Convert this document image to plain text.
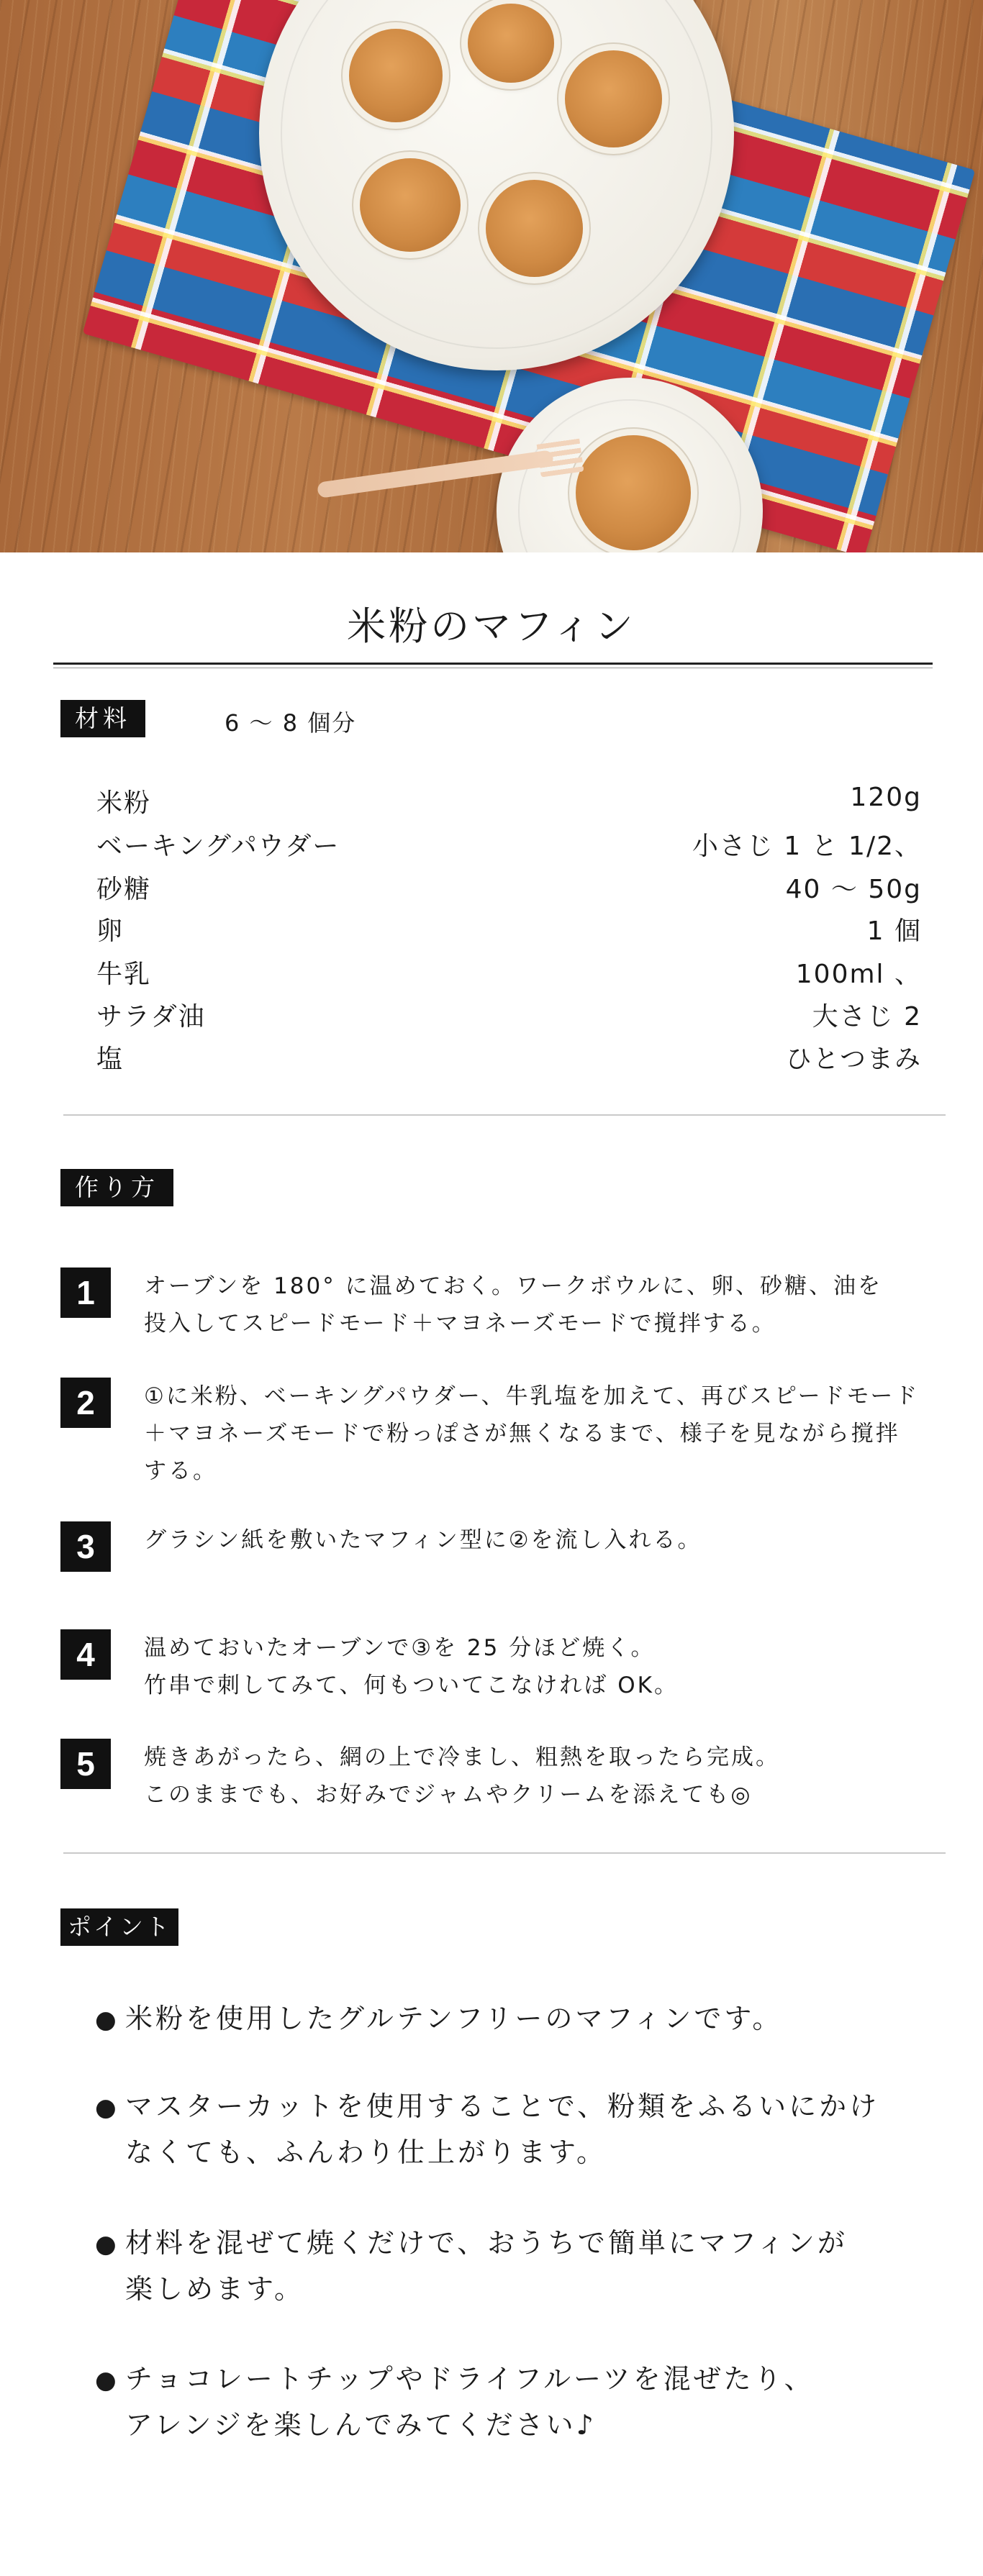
米粉のマフィン
材料	6 〜 8 個分
米粉	120g
ベーキングパウダー	小さじ 1 と 1/2、
砂糖	40 〜 50g
卵	1 個
牛乳	100ml 、
サラダ油	大さじ 2
塩	ひとつまみ
作り方
1	オーブンを 180° に温めておく。ワークボウルに、卵、砂糖、油を
投入してスピードモード＋マヨネーズモードで撹拌する。
2	①に米粉、ベーキングパウダー、牛乳塩を加えて、再びスピードモード
＋マヨネーズモードで粉っぽさが無くなるまで、様子を見ながら撹拌
する。
3	グラシン紙を敷いたマフィン型に②を流し入れる。
4	温めておいたオーブンで③を 25 分ほど焼く。
竹串で刺してみて、何もついてこなければ OK。
5	焼きあがったら、網の上で冷まし、粗熱を取ったら完成。
このままでも、お好みでジャムやクリームを添えても◎
ポイント
● 米粉を使用したグルテンフリーのマフィンです。
● マスターカットを使用することで、粉類をふるいにかけ
なくても、ふんわり仕上がります。
● 材料を混ぜて焼くだけで、おうちで簡単にマフィンが
楽しめます。
● チョコレートチップやドライフルーツを混ぜたり、
アレンジを楽しんでみてください♪
